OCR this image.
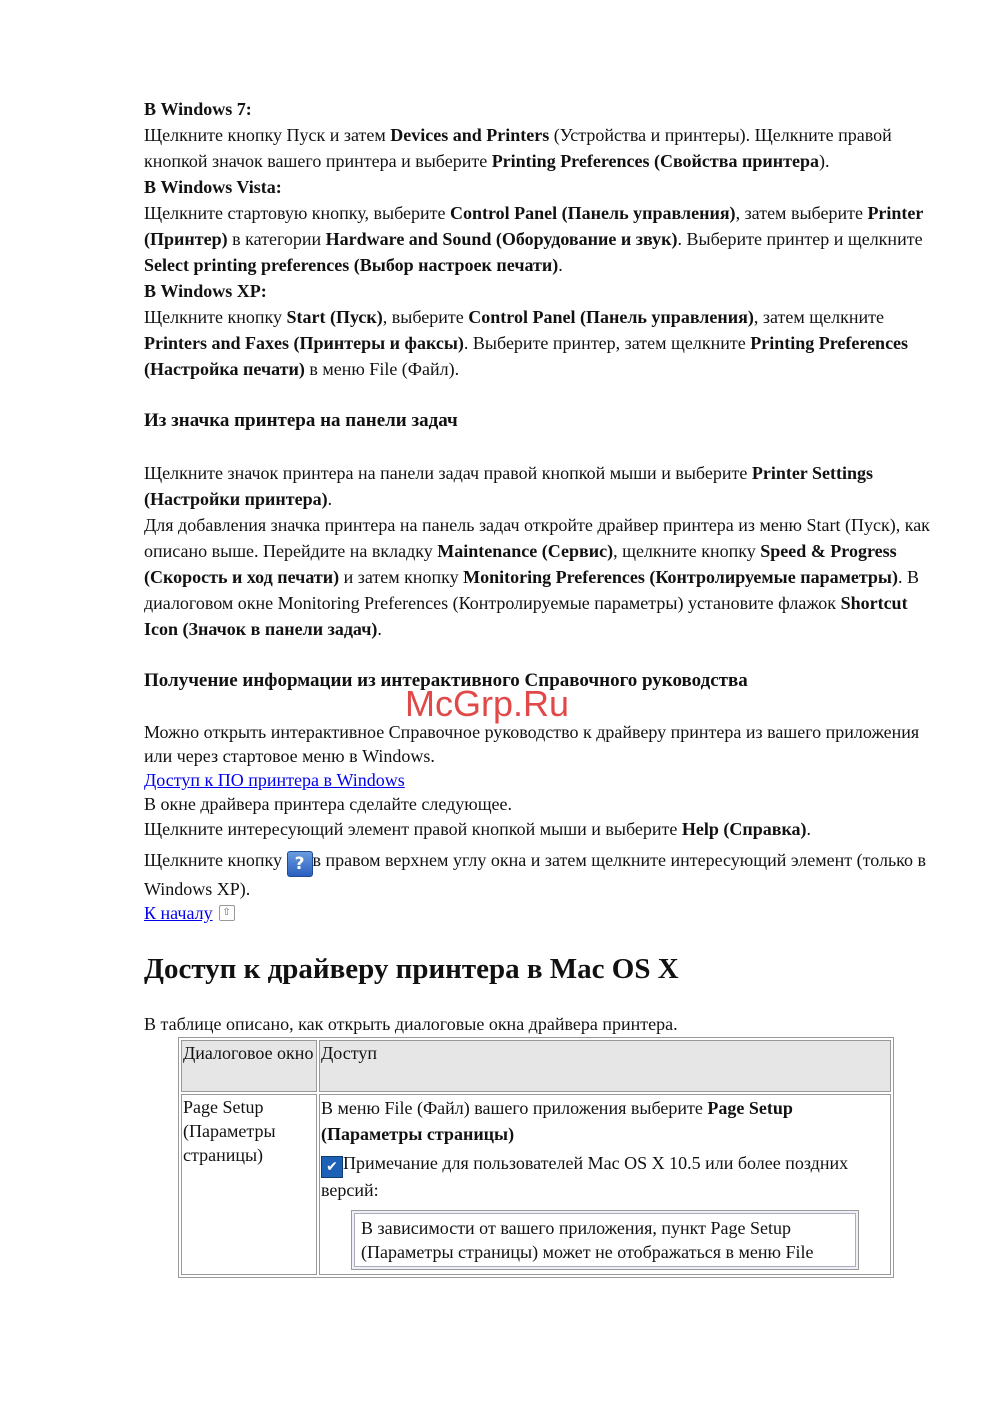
В Windows 7:
Щелкните кнопку Пуск и затем Devices and Printers (Устройства и принтеры). Щелкните правой кнопкой значок вашего принтера и выберите Printing Preferences (Свойства принтера).

В Windows Vista:
Щелкните стартовую кнопку, выберите Control Panel (Панель управления), затем выберите Printer (Принтер) в категории Hardware and Sound (Оборудование и звук). Выберите принтер и щелкните Select printing preferences (Выбор настроек печати).

В Windows XP:
Щелкните кнопку Start (Пуск), выберите Control Panel (Панель управления), затем щелкните Printers and Faxes (Принтеры и факсы). Выберите принтер, затем щелкните Printing Preferences (Настройка печати) в меню File (Файл).

Из значка принтера на панели задач

Щелкните значок принтера на панели задач правой кнопкой мыши и выберите Printer Settings (Настройки принтера).

Для добавления значка принтера на панель задач откройте драйвер принтера из меню Start (Пуск), как описано выше. Перейдите на вкладку Maintenance (Сервис), щелкните кнопку Speed & Progress (Скорость и ход печати) и затем кнопку Monitoring Preferences (Контролируемые параметры). В диалоговом окне Monitoring Preferences (Контролируемые параметры) установите флажок Shortcut Icon (Значок в панели задач).

Получение информации из интерактивного Справочного руководства

Можно открыть интерактивное Справочное руководство к драйверу принтера из вашего приложения или через стартовое меню в Windows.

Доступ к ПО принтера в Windows

В окне драйвера принтера сделайте следующее.

Щелкните интересующий элемент правой кнопкой мыши и выберите Help (Справка).

Щелкните кнопку ? в правом верхнем углу окна и затем щелкните интересующий элемент (только в Windows XP).

К началу ⇧

Доступ к драйверу принтера в Mac OS X

В таблице описано, как открыть диалоговые окна драйвера принтера.

Диалоговое окно	Доступ
Page Setup (Параметры страницы)	В меню File (Файл) вашего приложения выберите Page Setup (Параметры страницы)
✔ Примечание для пользователей Mac OS X 10.5 или более поздних версий:
В зависимости от вашего приложения, пункт Page Setup (Параметры страницы) может не отображаться в меню File
McGrp.Ru
